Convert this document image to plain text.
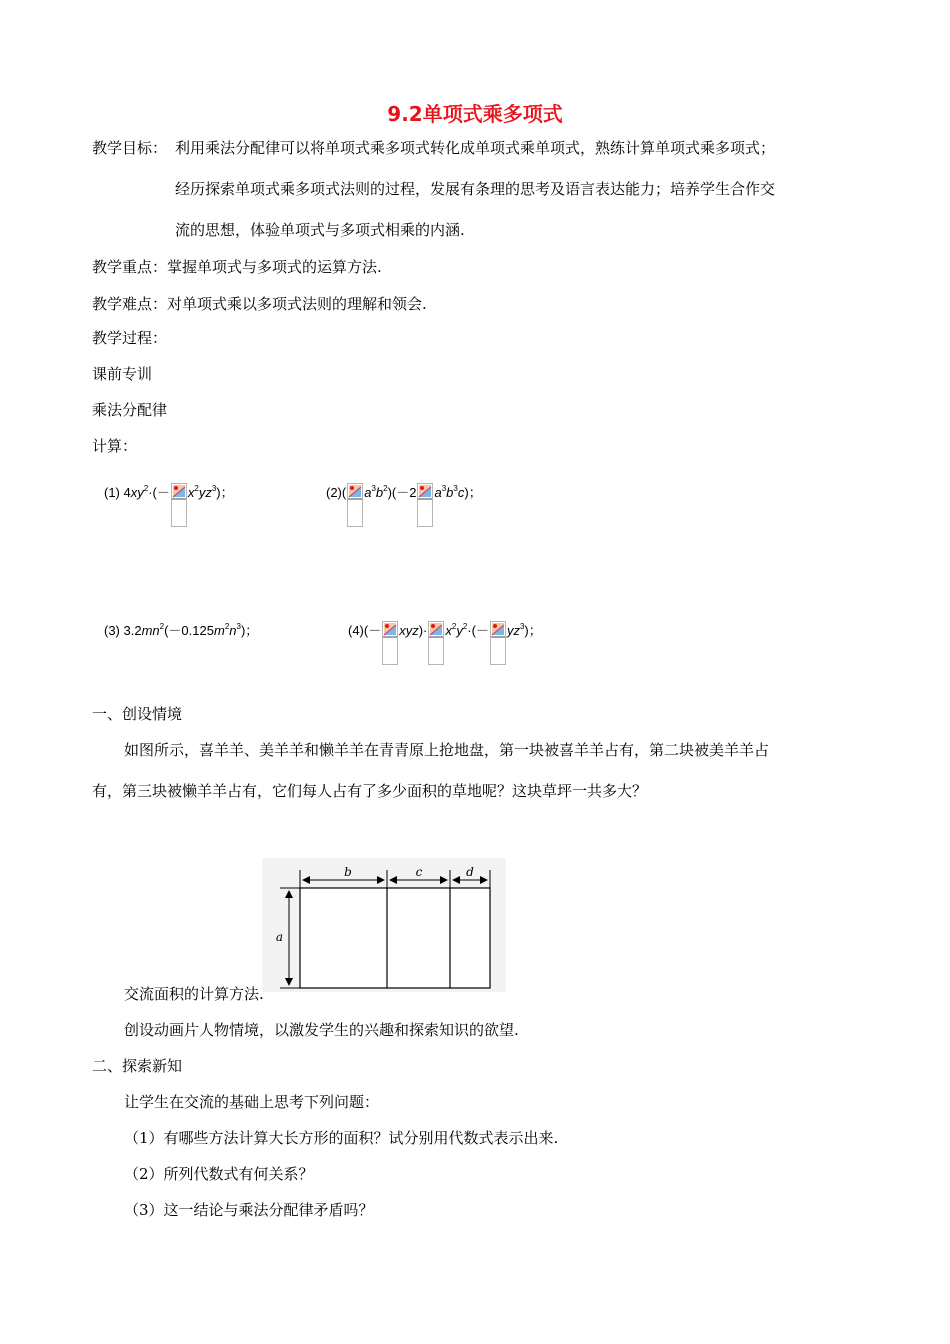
9.2单项式乘多项式
教学目标： 利用乘法分配律可以将单项式乘多项式转化成单项式乘单项式，熟练计算单项式乘多项式；
经历探索单项式乘多项式法则的过程，发展有条理的思考及语言表达能力；培养学生合作交
流的思想，体验单项式与多项式相乘的内涵.
教学重点：掌握单项式与多项式的运算方法.
教学难点：对单项式乘以多项式法则的理解和领会.
教学过程：
课前专训
乘法分配律
计算：
(1) $4xy^2\cdot(- x^2yz^3)$；	(2)( $a^3b^2)(-2$ $a^3b^3c$)；
(3) $3.2mn^2(-0.125m^2n^3)$；	$(4)(- xyz)\cdot x^2y^2\cdot(- yz^3)$；
一、创设情境
如图所示，喜羊羊、美羊羊和懒羊羊在青青原上抢地盘，第一块被喜羊羊占有，第二块被美羊羊占
有，第三块被懒羊羊占有，它们每人占有了多少面积的草地呢？这块草坪一共多大？
b	c	d
a
交流面积的计算方法.
创设动画片人物情境，以激发学生的兴趣和探索知识的欲望.
二、探索新知
让学生在交流的基础上思考下列问题：
（1）有哪些方法计算大长方形的面积？试分别用代数式表示出来.
（2）所列代数式有何关系？
（3）这一结论与乘法分配律矛盾吗？
